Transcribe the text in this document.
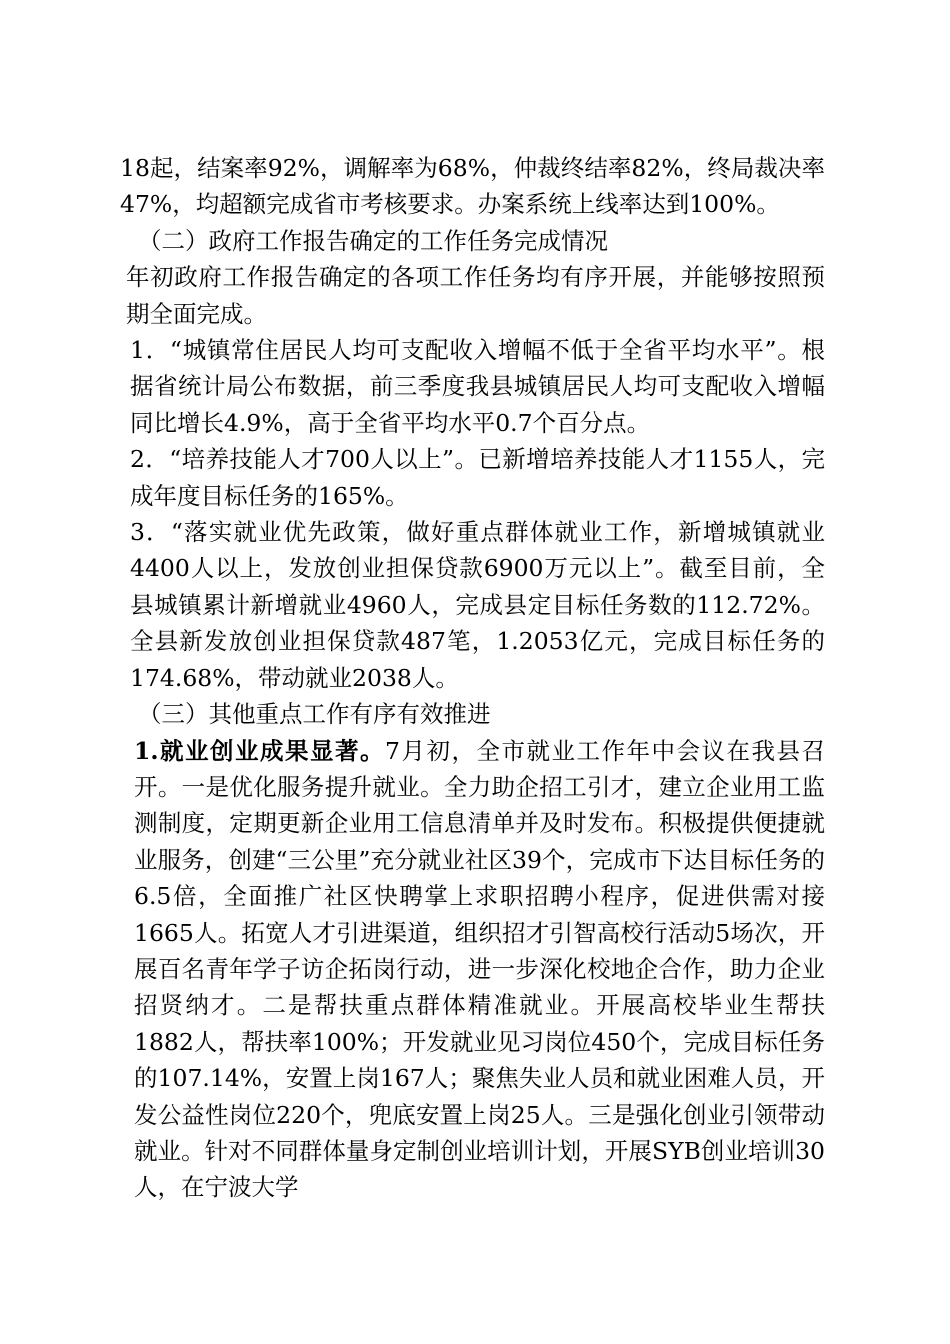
18起，结案率92%，调解率为68%，仲裁终结率82%，终局裁决率47%，均超额完成省市考核要求。办案系统上线率达到100%。

（二）政府工作报告确定的工作任务完成情况

年初政府工作报告确定的各项工作任务均有序开展，并能够按照预期全面完成。

1．“城镇常住居民人均可支配收入增幅不低于全省平均水平”。根据省统计局公布数据，前三季度我县城镇居民人均可支配收入增幅同比增长4.9%，高于全省平均水平0.7个百分点。

2．“培养技能人才700人以上”。已新增培养技能人才1155人，完成年度目标任务的165%。

3．“落实就业优先政策，做好重点群体就业工作，新增城镇就业4400人以上，发放创业担保贷款6900万元以上”。截至目前，全县城镇累计新增就业4960人，完成县定目标任务数的112.72%。全县新发放创业担保贷款487笔，1.2053亿元，完成目标任务的174.68%，带动就业2038人。

（三）其他重点工作有序有效推进

1.就业创业成果显著。7月初，全市就业工作年中会议在我县召开。一是优化服务提升就业。全力助企招工引才，建立企业用工监测制度，定期更新企业用工信息清单并及时发布。积极提供便捷就业服务，创建“三公里”充分就业社区39个，完成市下达目标任务的6.5倍，全面推广社区快聘掌上求职招聘小程序，促进供需对接1665人。拓宽人才引进渠道，组织招才引智高校行活动5场次，开展百名青年学子访企拓岗行动，进一步深化校地企合作，助力企业招贤纳才。二是帮扶重点群体精准就业。开展高校毕业生帮扶1882人，帮扶率100%；开发就业见习岗位450个，完成目标任务的107.14%，安置上岗167人；聚焦失业人员和就业困难人员，开发公益性岗位220个，兜底安置上岗25人。三是强化创业引领带动就业。针对不同群体量身定制创业培训计划，开展SYB创业培训30人，在宁波大学
